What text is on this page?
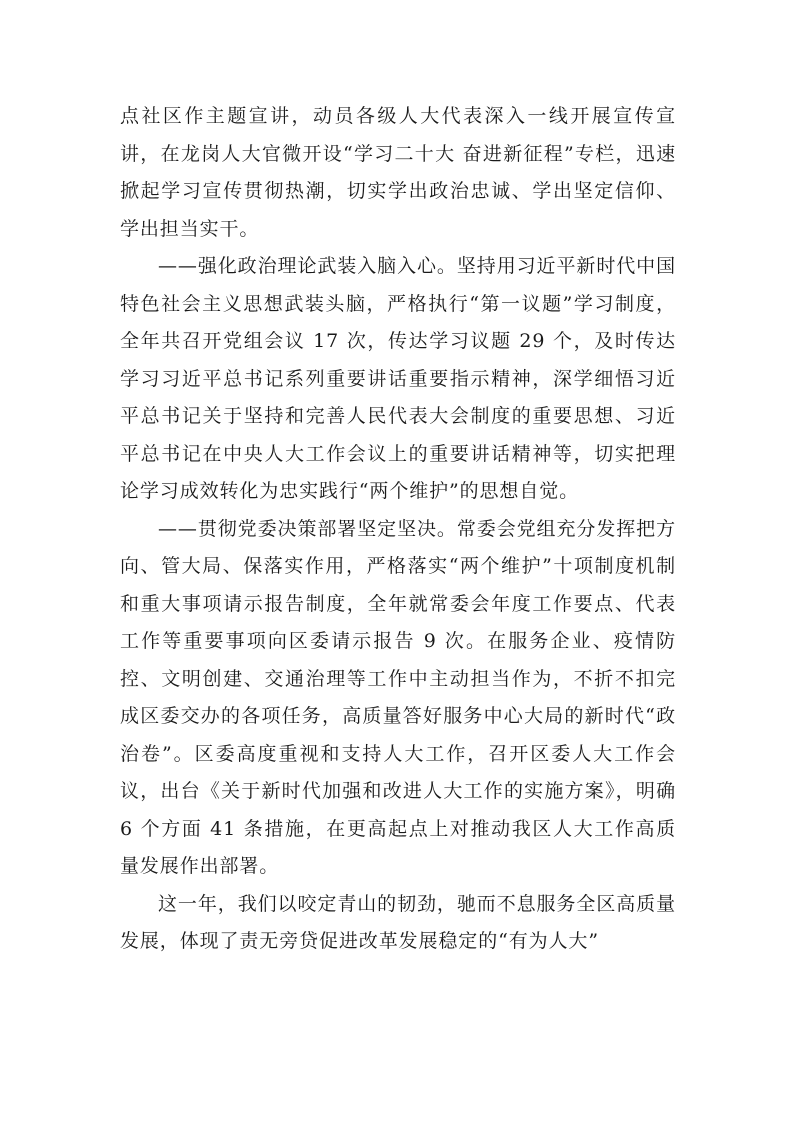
点社区作主题宣讲，动员各级人大代表深入一线开展宣传宣讲，在龙岗人大官微开设“学习二十大 奋进新征程”专栏，迅速掀起学习宣传贯彻热潮，切实学出政治忠诚、学出坚定信仰、学出担当实干。

——强化政治理论武装入脑入心。坚持用习近平新时代中国特色社会主义思想武装头脑，严格执行“第一议题”学习制度，全年共召开党组会议 17 次，传达学习议题 29 个，及时传达学习习近平总书记系列重要讲话重要指示精神，深学细悟习近平总书记关于坚持和完善人民代表大会制度的重要思想、习近平总书记在中央人大工作会议上的重要讲话精神等，切实把理论学习成效转化为忠实践行“两个维护”的思想自觉。

——贯彻党委决策部署坚定坚决。常委会党组充分发挥把方向、管大局、保落实作用，严格落实“两个维护”十项制度机制和重大事项请示报告制度，全年就常委会年度工作要点、代表工作等重要事项向区委请示报告 9 次。在服务企业、疫情防控、文明创建、交通治理等工作中主动担当作为，不折不扣完成区委交办的各项任务，高质量答好服务中心大局的新时代“政治卷”。区委高度重视和支持人大工作，召开区委人大工作会议，出台《关于新时代加强和改进人大工作的实施方案》，明确 6 个方面 41 条措施，在更高起点上对推动我区人大工作高质量发展作出部署。

这一年，我们以咬定青山的韧劲，驰而不息服务全区高质量发展，体现了责无旁贷促进改革发展稳定的“有为人大”
